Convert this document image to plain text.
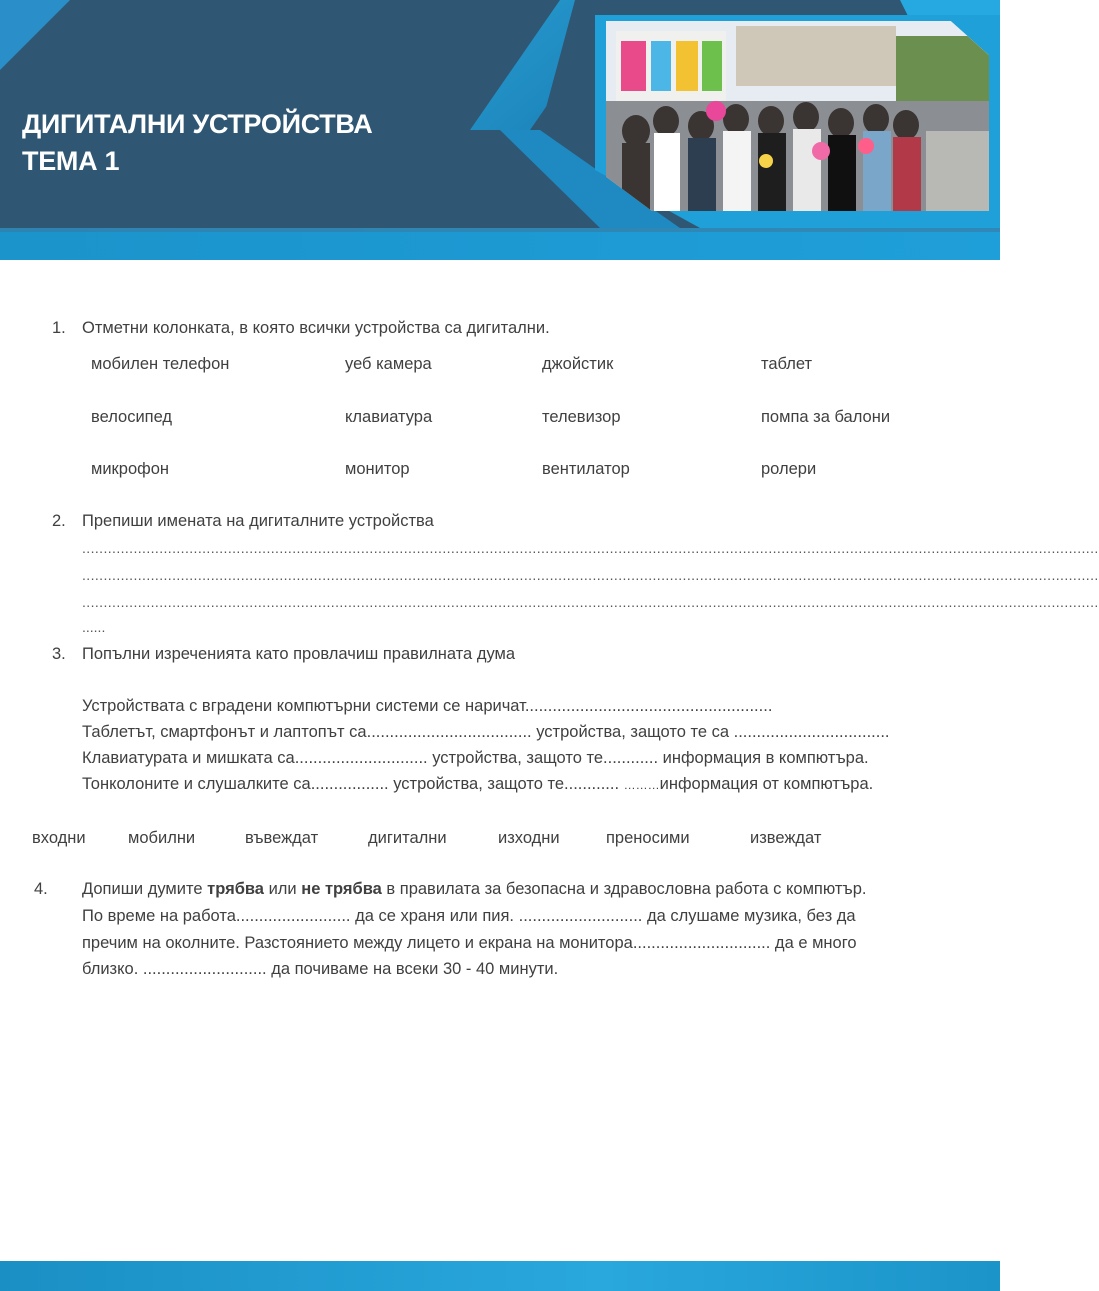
ДИГИТАЛНИ УСТРОЙСТВА
ТЕМА 1
1. Отметни колонката, в която всички устройства са дигитални.
мобилен телефон	уеб камера	джойстик	таблет
велосипед	клавиатура	телевизор	помпа за балони
микрофон	монитор	вентилатор	ролери
2. Препиши имената на дигиталните устройства
.............................................................................................................................................................................................................................................
.............................................................................................................................................................................................................................................
.............................................................................................................................................................................................................................................
......
3. Попълни изреченията като провлачиш правилната дума
Устройствата с вградени компютърни системи се наричат......................................................
Таблетът, смартфонът и лаптопът са.................................... устройства, защото те са ..................................
Клавиатурата и мишката са............................. устройства, защото те............ информация в компютъра.
Тонколоните и слушалките са................. устройства, защото те............ ………информация от компютъра.
входни	мобилни	въвеждат	дигитални	изходни	преносими	извеждат
4. Допиши думите трябва или не трябва в правилата за безопасна и здравословна работа с компютър.
По време на работа......................... да се храня или пия. ........................... да слушаме музика, без да
пречим на околните. Разстоянието между лицето и екрана на монитора.............................. да е много
близко. ........................... да почиваме на всеки 30 - 40 минути.
